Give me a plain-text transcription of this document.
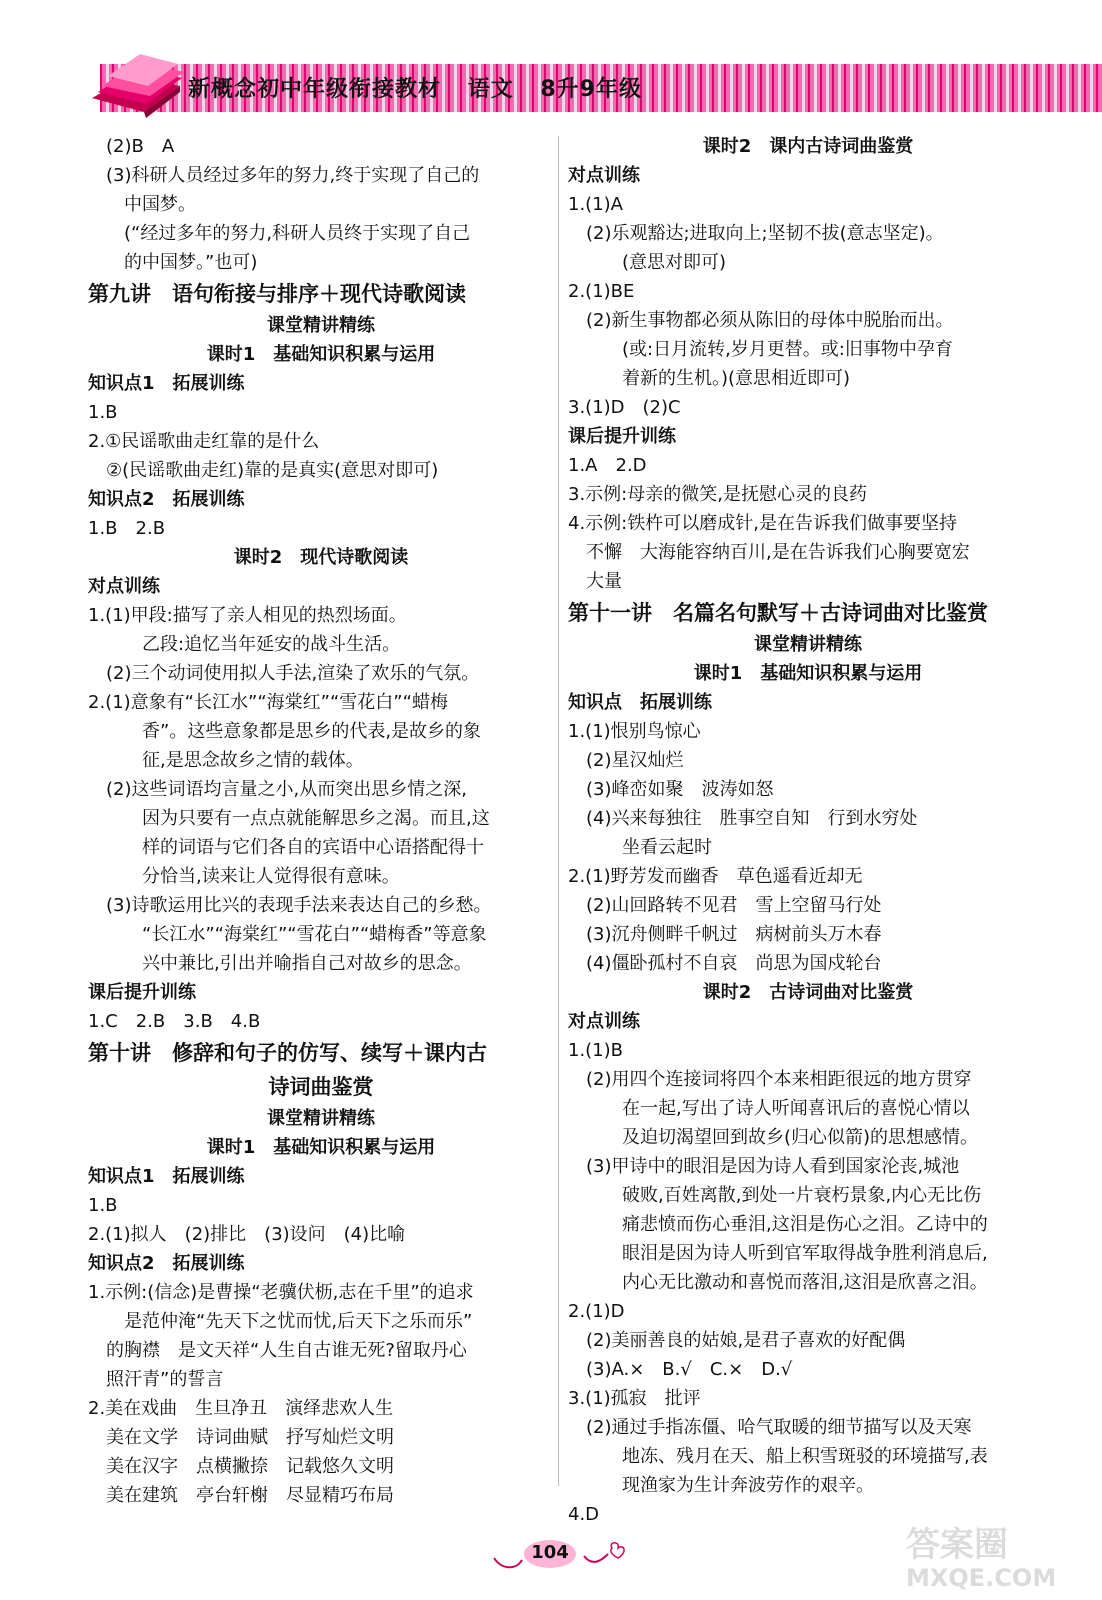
新概念初中年级衔接教材 语文 8升9年级
(2)B　A
(3)科研人员经过多年的努力,终于实现了自己的
中国梦。
(“经过多年的努力,科研人员终于实现了自己
的中国梦。”也可)
第九讲　语句衔接与排序＋现代诗歌阅读
课堂精讲精练
课时1　基础知识积累与运用
知识点1　拓展训练
1.B
2.①民谣歌曲走红靠的是什么
②(民谣歌曲走红)靠的是真实(意思对即可)
知识点2　拓展训练
1.B　2.B
课时2　现代诗歌阅读
对点训练
1.(1)甲段:描写了亲人相见的热烈场面。
乙段:追忆当年延安的战斗生活。
(2)三个动词使用拟人手法,渲染了欢乐的气氛。
2.(1)意象有“长江水”“海棠红”“雪花白”“蜡梅
香”。这些意象都是思乡的代表,是故乡的象
征,是思念故乡之情的载体。
(2)这些词语均言量之小,从而突出思乡情之深,
因为只要有一点点就能解思乡之渴。而且,这
样的词语与它们各自的宾语中心语搭配得十
分恰当,读来让人觉得很有意味。
(3)诗歌运用比兴的表现手法来表达自己的乡愁。
“长江水”“海棠红”“雪花白”“蜡梅香”等意象
兴中兼比,引出并喻指自己对故乡的思念。
课后提升训练
1.C　2.B　3.B　4.B
第十讲　修辞和句子的仿写、续写＋课内古
诗词曲鉴赏
课堂精讲精练
课时1　基础知识积累与运用
知识点1　拓展训练
1.B
2.(1)拟人　(2)排比　(3)设问　(4)比喻
知识点2　拓展训练
1.示例:(信念)是曹操“老骥伏枥,志在千里”的追求
是范仲淹“先天下之忧而忧,后天下之乐而乐”
的胸襟　是文天祥“人生自古谁无死?留取丹心
照汗青”的誓言
2.美在戏曲　生旦净丑　演绎悲欢人生
美在文学　诗词曲赋　抒写灿烂文明
美在汉字　点横撇捺　记载悠久文明
美在建筑　亭台轩榭　尽显精巧布局
课时2　课内古诗词曲鉴赏
对点训练
1.(1)A
(2)乐观豁达;进取向上;坚韧不拔(意志坚定)。
(意思对即可)
2.(1)BE
(2)新生事物都必须从陈旧的母体中脱胎而出。
(或:日月流转,岁月更替。或:旧事物中孕育
着新的生机。)(意思相近即可)
3.(1)D　(2)C
课后提升训练
1.A　2.D
3.示例:母亲的微笑,是抚慰心灵的良药
4.示例:铁杵可以磨成针,是在告诉我们做事要坚持
不懈　大海能容纳百川,是在告诉我们心胸要宽宏
大量
第十一讲　名篇名句默写＋古诗词曲对比鉴赏
课堂精讲精练
课时1　基础知识积累与运用
知识点　拓展训练
1.(1)恨别鸟惊心
(2)星汉灿烂
(3)峰峦如聚　波涛如怒
(4)兴来每独往　胜事空自知　行到水穷处
坐看云起时
2.(1)野芳发而幽香　草色遥看近却无
(2)山回路转不见君　雪上空留马行处
(3)沉舟侧畔千帆过　病树前头万木春
(4)僵卧孤村不自哀　尚思为国戍轮台
课时2　古诗词曲对比鉴赏
对点训练
1.(1)B
(2)用四个连接词将四个本来相距很远的地方贯穿
在一起,写出了诗人听闻喜讯后的喜悦心情以
及迫切渴望回到故乡(归心似箭)的思想感情。
(3)甲诗中的眼泪是因为诗人看到国家沦丧,城池
破败,百姓离散,到处一片衰朽景象,内心无比伤
痛悲愤而伤心垂泪,这泪是伤心之泪。乙诗中的
眼泪是因为诗人听到官军取得战争胜利消息后,
内心无比激动和喜悦而落泪,这泪是欣喜之泪。
2.(1)D
(2)美丽善良的姑娘,是君子喜欢的好配偶
(3)A.×　B.√　C.×　D.√
3.(1)孤寂　批评
(2)通过手指冻僵、哈气取暖的细节描写以及天寒
地冻、残月在天、船上积雪斑驳的环境描写,表
现渔家为生计奔波劳作的艰辛。
4.D
104	答案圈
MXQE.COM
